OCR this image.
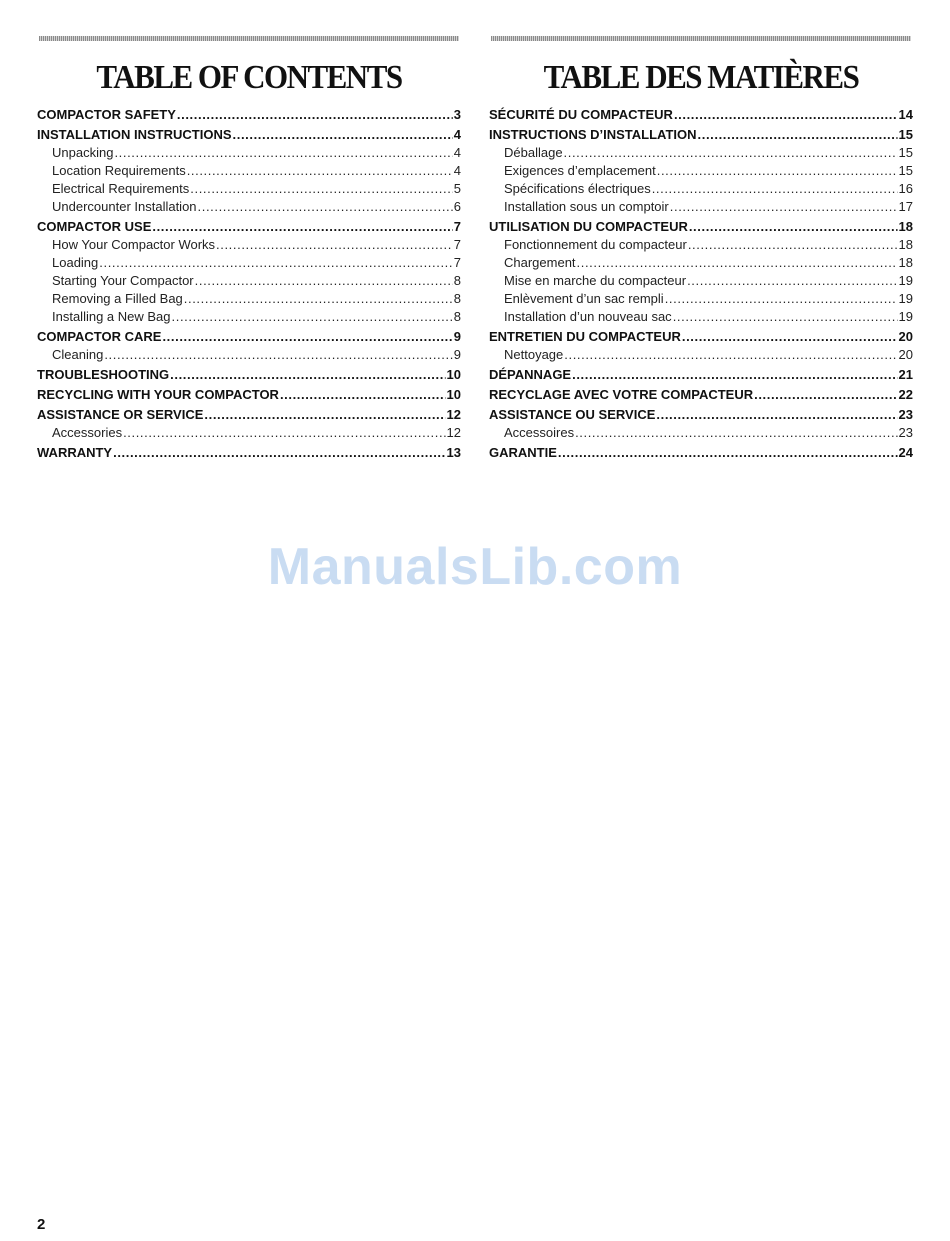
TABLE OF CONTENTS
COMPACTOR SAFETY .....	3
INSTALLATION INSTRUCTIONS .....	4
Unpacking .....	4
Location Requirements .....	4
Electrical Requirements .....	5
Undercounter Installation .....	6
COMPACTOR USE .....	7
How Your Compactor Works .....	7
Loading .....	7
Starting Your Compactor .....	8
Removing a Filled Bag .....	8
Installing a New Bag .....	8
COMPACTOR CARE .....	9
Cleaning .....	9
TROUBLESHOOTING .....	10
RECYCLING WITH YOUR COMPACTOR .....	10
ASSISTANCE OR SERVICE .....	12
Accessories .....	12
WARRANTY .....	13
TABLE DES MATIÈRES
SÉCURITÉ DU COMPACTEUR .....	14
INSTRUCTIONS D’INSTALLATION .....	15
Déballage .....	15
Exigences d’emplacement .....	15
Spécifications électriques .....	16
Installation sous un comptoir .....	17
UTILISATION DU COMPACTEUR .....	18
Fonctionnement du compacteur .....	18
Chargement .....	18
Mise en marche du compacteur .....	19
Enlèvement d’un sac rempli .....	19
Installation d’un nouveau sac .....	19
ENTRETIEN DU COMPACTEUR .....	20
Nettoyage .....	20
DÉPANNAGE .....	21
RECYCLAGE AVEC VOTRE COMPACTEUR .....	22
ASSISTANCE OU SERVICE .....	23
Accessoires .....	23
GARANTIE .....	24
ManualsLib.com
2
